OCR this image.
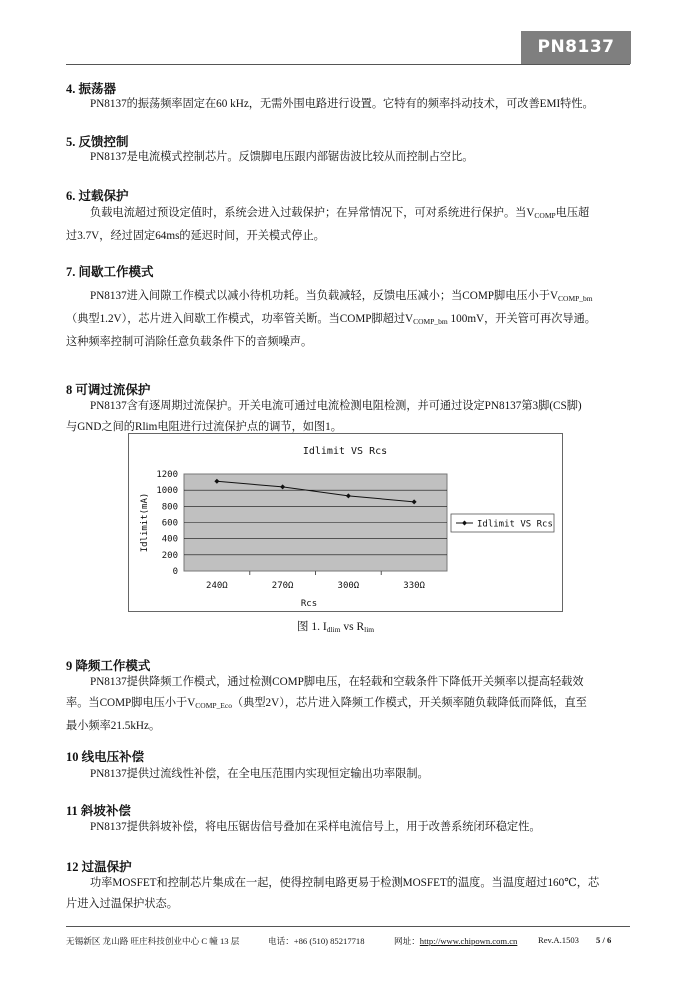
PN8137
4. 振荡器
PN8137的振荡频率固定在60 kHz，无需外围电路进行设置。它特有的频率抖动技术，可改善EMI特性。
5. 反馈控制
PN8137是电流模式控制芯片。反馈脚电压跟内部锯齿波比较从而控制占空比。
6. 过载保护
负载电流超过预设定值时，系统会进入过载保护；在异常情况下，可对系统进行保护。当$V_{COMP}$电压超
过3.7V，经过固定64ms的延迟时间，开关模式停止。
7. 间歇工作模式
PN8137进入间隙工作模式以减小待机功耗。当负载减轻，反馈电压减小；当COMP脚电压小于$V_{COMP\_bm}$
（典型1.2V），芯片进入间歇工作模式，功率管关断。当COMP脚超过$V_{COMP\_bm}$ 100mV，开关管可再次导通。
这种频率控制可消除任意负载条件下的音频噪声。
8 可调过流保护
PN8137含有逐周期过流保护。开关电流可通过电流检测电阻检测，并可通过设定PN8137第3脚(CS脚)
与GND之间的Rlim电阻进行过流保护点的调节，如图1。
Idlimit VS Rcs
0
200
400
600
800
1000
1200
240Ω	270Ω	300Ω	330Ω
Rcs
Idlimit(mA)	Idlimit VS Rcs
图 1. $I_{dlim}$ vs $R_{lim}$
9 降频工作模式
PN8137提供降频工作模式，通过检测COMP脚电压，在轻载和空载条件下降低开关频率以提高轻载效
率。当COMP脚电压小于$V_{COMP\_Eco}$（典型2V），芯片进入降频工作模式，开关频率随负载降低而降低，直至
最小频率21.5kHz。
10 线电压补偿
PN8137提供过流线性补偿，在全电压范围内实现恒定输出功率限制。
11 斜坡补偿
PN8137提供斜坡补偿，将电压锯齿信号叠加在采样电流信号上，用于改善系统闭环稳定性。
12 过温保护
功率MOSFET和控制芯片集成在一起，使得控制电路更易于检测MOSFET的温度。当温度超过160℃，芯
片进入过温保护状态。
无锡新区 龙山路 旺庄科技创业中心 C 幢 13 层	电话：+86 (510) 85217718	网址：http://www.chipown.com.cn Rev.A.1503 5 / 6
